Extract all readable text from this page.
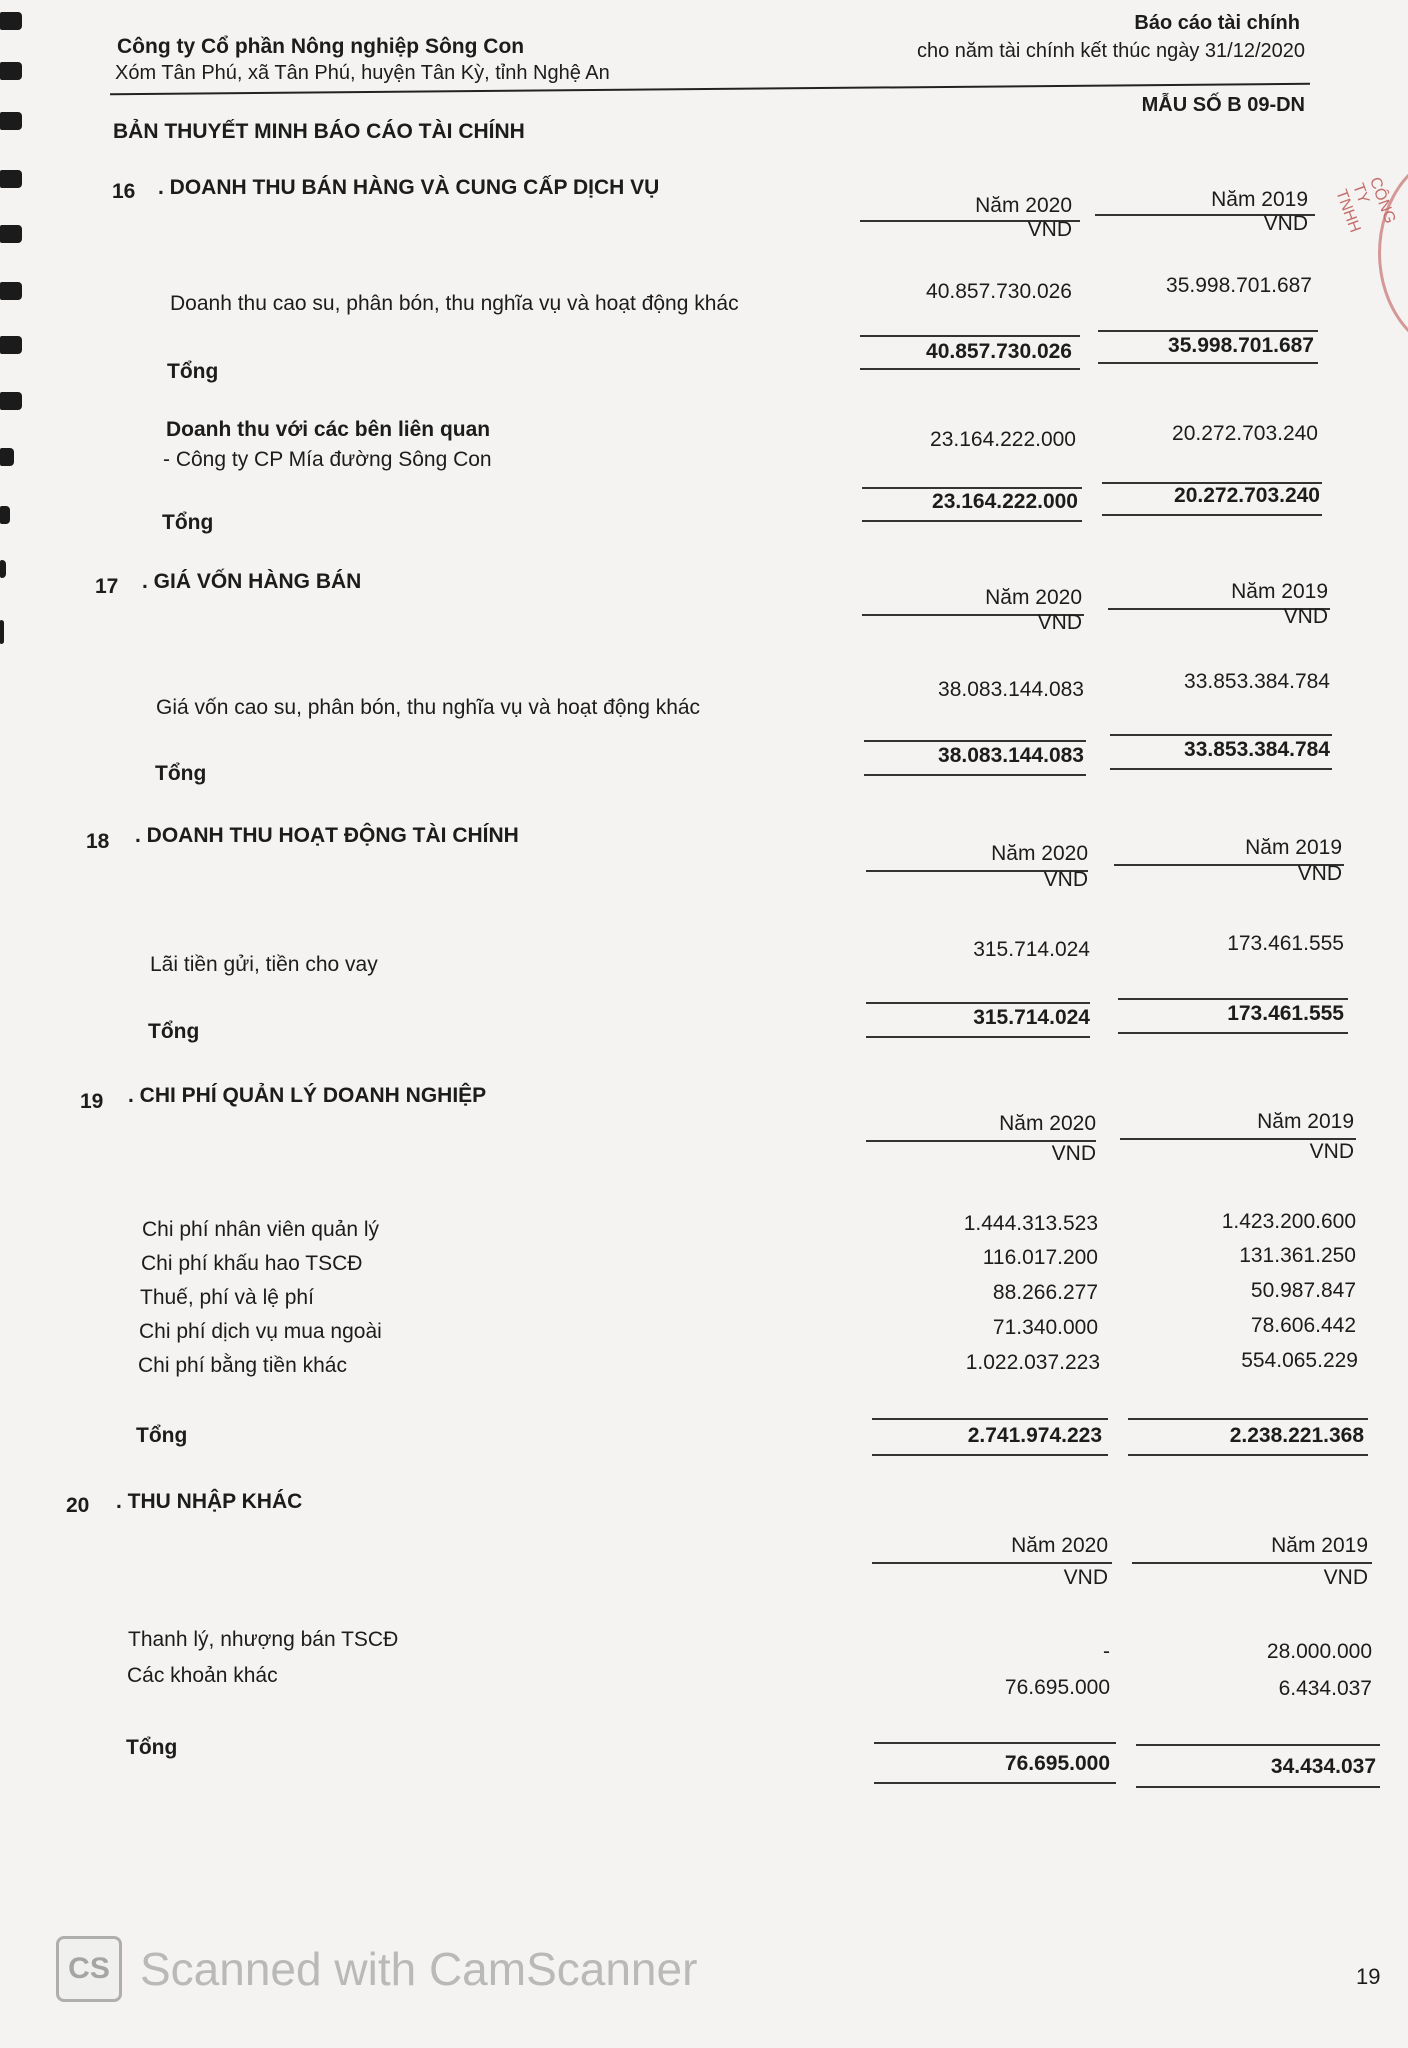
Công ty Cổ phần Nông nghiệp Sông Con
Xóm Tân Phú, xã Tân Phú, huyện Tân Kỳ, tỉnh Nghệ An
Báo cáo tài chính
cho năm tài chính kết thúc ngày 31/12/2020
MẪU SỐ B 09-DN
BẢN THUYẾT MINH BÁO CÁO TÀI CHÍNH
CÔNG TY TNHH
16 . DOANH THU BÁN HÀNG VÀ CUNG CẤP DỊCH VỤ
Năm 2020
VND
Năm 2019
VND
Doanh thu cao su, phân bón, thu nghĩa vụ và hoạt động khác
40.857.730.026	35.998.701.687
Tổng
40.857.730.026	35.998.701.687
Doanh thu với các bên liên quan
- Công ty CP Mía đường Sông Con
23.164.222.000	20.272.703.240
Tổng
23.164.222.000	20.272.703.240
17 . GIÁ VỐN HÀNG BÁN
Năm 2020
VND
Năm 2019
VND
Giá vốn cao su, phân bón, thu nghĩa vụ và hoạt động khác
38.083.144.083	33.853.384.784
Tổng
38.083.144.083	33.853.384.784
18 . DOANH THU HOẠT ĐỘNG TÀI CHÍNH
Năm 2020
VND
Năm 2019
VND
Lãi tiền gửi, tiền cho vay
315.714.024	173.461.555
Tổng
315.714.024	173.461.555
19 . CHI PHÍ QUẢN LÝ DOANH NGHIỆP
Năm 2020
VND
Năm 2019
VND
Chi phí nhân viên quản lý	1.444.313.523	1.423.200.600
Chi phí khấu hao TSCĐ	116.017.200	131.361.250
Thuế, phí và lệ phí	88.266.277	50.987.847
Chi phí dịch vụ mua ngoài	71.340.000	78.606.442
Chi phí bằng tiền khác	1.022.037.223	554.065.229
Tổng	2.741.974.223	2.238.221.368
20 . THU NHẬP KHÁC
Năm 2020
VND
Năm 2019
VND
Thanh lý, nhượng bán TSCĐ
-	28.000.000
Các khoản khác
76.695.000	6.434.037
Tổng
76.695.000	34.434.037
CS Scanned with CamScanner	19
